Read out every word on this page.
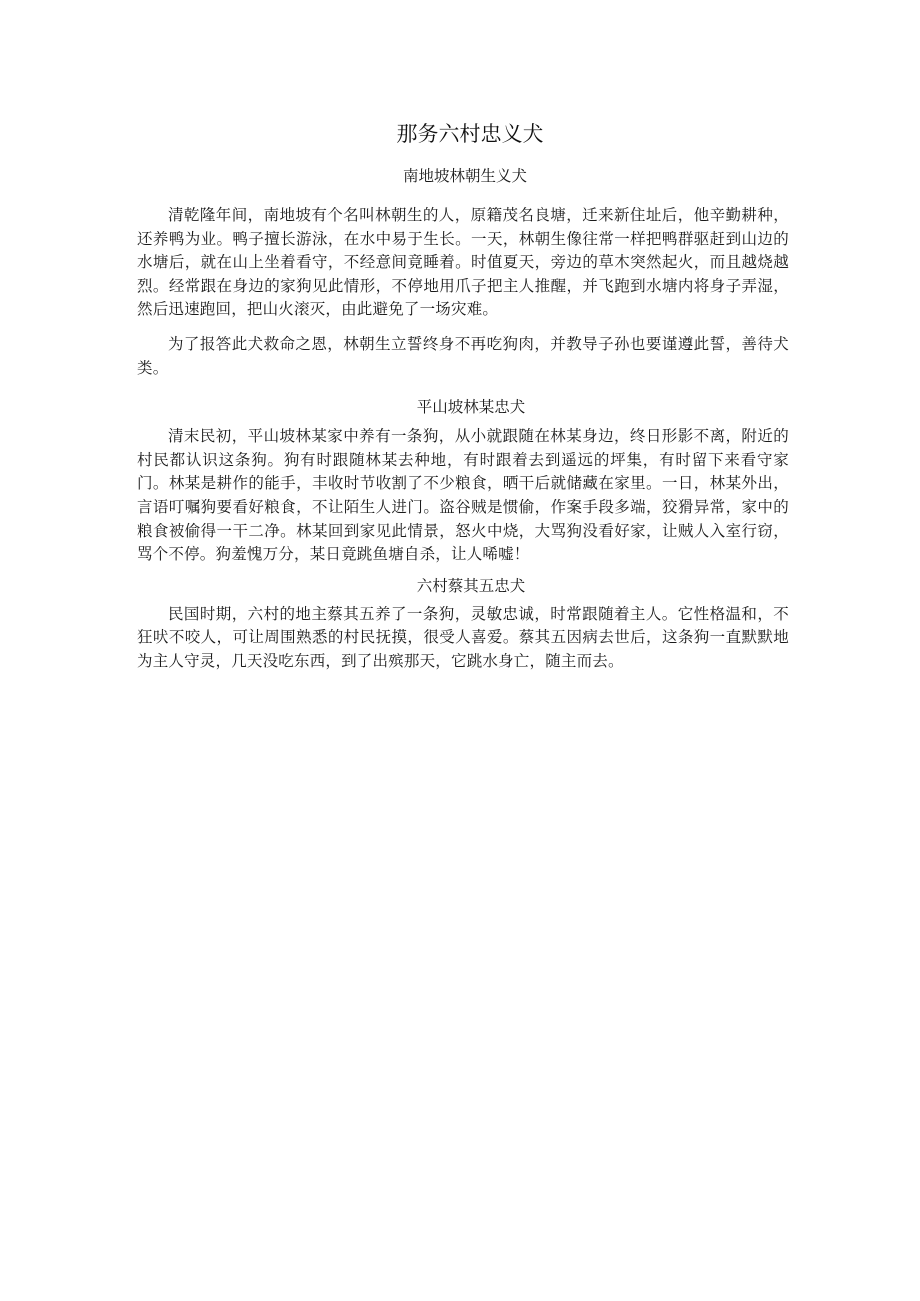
那务六村忠义犬
南地坡林朝生义犬

清乾隆年间，南地坡有个名叫林朝生的人，原籍茂名良塘，迁来新住址后，他辛勤耕种，还养鸭为业。鸭子擅长游泳，在水中易于生长。一天，林朝生像往常一样把鸭群驱赶到山边的水塘后，就在山上坐着看守，不经意间竟睡着。时值夏天，旁边的草木突然起火，而且越烧越烈。经常跟在身边的家狗见此情形，不停地用爪子把主人推醒，并飞跑到水塘内将身子弄湿，然后迅速跑回，把山火滚灭，由此避免了一场灾难。

为了报答此犬救命之恩，林朝生立誓终身不再吃狗肉，并教导子孙也要谨遵此誓，善待犬类。

平山坡林某忠犬

清末民初，平山坡林某家中养有一条狗，从小就跟随在林某身边，终日形影不离，附近的村民都认识这条狗。狗有时跟随林某去种地，有时跟着去到遥远的坪集，有时留下来看守家门。林某是耕作的能手，丰收时节收割了不少粮食，晒干后就储藏在家里。一日，林某外出，言语叮嘱狗要看好粮食，不让陌生人进门。盗谷贼是惯偷，作案手段多端，狡猾异常，家中的粮食被偷得一干二净。林某回到家见此情景，怒火中烧，大骂狗没看好家，让贼人入室行窃，骂个不停。狗羞愧万分，某日竟跳鱼塘自杀，让人唏嘘！

六村蔡其五忠犬

民国时期，六村的地主蔡其五养了一条狗，灵敏忠诚，时常跟随着主人。它性格温和，不狂吠不咬人，可让周围熟悉的村民抚摸，很受人喜爱。蔡其五因病去世后，这条狗一直默默地为主人守灵，几天没吃东西，到了出殡那天，它跳水身亡，随主而去。
